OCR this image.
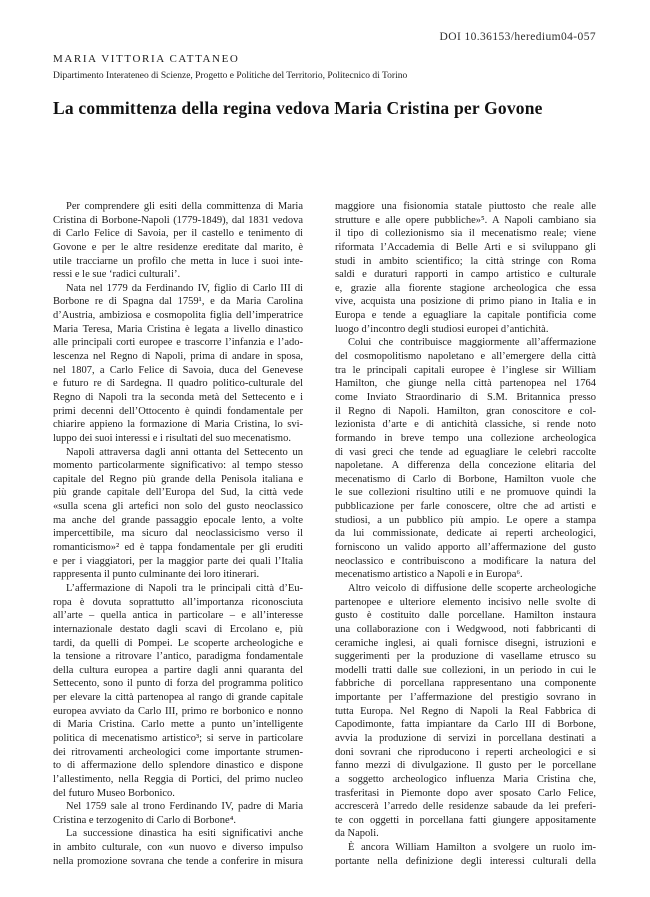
DOI 10.36153/heredium04-057
MARIA VITTORIA CATTANEO
Dipartimento Interateneo di Scienze, Progetto e Politiche del Territorio, Politecnico di Torino
La committenza della regina vedova Maria Cristina per Govone
Per comprendere gli esiti della committenza di Maria
Cristina di Borbone-Napoli (1779-1849), dal 1831 vedova
di Carlo Felice di Savoia, per il castello e tenimento di
Govone e per le altre residenze ereditate dal marito, è
utile tracciarne un profilo che metta in luce i suoi inte-
ressi e le sue ‘radici culturali’.
Nata nel 1779 da Ferdinando IV, figlio di Carlo III di
Borbone re di Spagna dal 1759¹, e da Maria Carolina
d’Austria, ambiziosa e cosmopolita figlia dell’imperatrice
Maria Teresa, Maria Cristina è legata a livello dinastico
alle principali corti europee e trascorre l’infanzia e l’ado-
lescenza nel Regno di Napoli, prima di andare in sposa,
nel 1807, a Carlo Felice di Savoia, duca del Genevese
e futuro re di Sardegna. Il quadro politico-culturale del
Regno di Napoli tra la seconda metà del Settecento e i
primi decenni dell’Ottocento è quindi fondamentale per
chiarire appieno la formazione di Maria Cristina, lo svi-
luppo dei suoi interessi e i risultati del suo mecenatismo.
Napoli attraversa dagli anni ottanta del Settecento un
momento particolarmente significativo: al tempo stesso
capitale del Regno più grande della Penisola italiana e
più grande capitale dell’Europa del Sud, la città vede
«sulla scena gli artefici non solo del gusto neoclassico
ma anche del grande passaggio epocale lento, a volte
impercettibile, ma sicuro dal neoclassicismo verso il
romanticismo»² ed è tappa fondamentale per gli eruditi
e per i viaggiatori, per la maggior parte dei quali l’Italia
rappresenta il punto culminante dei loro itinerari.
L’affermazione di Napoli tra le principali città d’Eu-
ropa è dovuta soprattutto all’importanza riconosciuta
all’arte – quella antica in particolare – e all’interesse
internazionale destato dagli scavi di Ercolano e, più
tardi, da quelli di Pompei. Le scoperte archeologiche e
la tensione a ritrovare l’antico, paradigma fondamentale
della cultura europea a partire dagli anni quaranta del
Settecento, sono il punto di forza del programma politico
per elevare la città partenopea al rango di grande capitale
europea avviato da Carlo III, primo re borbonico e nonno
di Maria Cristina. Carlo mette a punto un’intelligente
politica di mecenatismo artistico³; si serve in particolare
dei ritrovamenti archeologici come importante strumen-
to di affermazione dello splendore dinastico e dispone
l’allestimento, nella Reggia di Portici, del primo nucleo
del futuro Museo Borbonico.
Nel 1759 sale al trono Ferdinando IV, padre di Maria
Cristina e terzogenito di Carlo di Borbone⁴.
La successione dinastica ha esiti significativi anche
in ambito culturale, con «un nuovo e diverso impulso
nella promozione sovrana che tende a conferire in misura
maggiore una fisionomia statale piuttosto che reale alle
strutture e alle opere pubbliche»⁵. A Napoli cambiano sia
il tipo di collezionismo sia il mecenatismo reale; viene
riformata l’Accademia di Belle Arti e si sviluppano gli
studi in ambito scientifico; la città stringe con Roma
saldi e duraturi rapporti in campo artistico e culturale
e, grazie alla fiorente stagione archeologica che essa
vive, acquista una posizione di primo piano in Italia e in
Europa e tende a eguagliare la capitale pontificia come
luogo d’incontro degli studiosi europei d’antichità.
Colui che contribuisce maggiormente all’affermazione
del cosmopolitismo napoletano e all’emergere della città
tra le principali capitali europee è l’inglese sir William
Hamilton, che giunge nella città partenopea nel 1764
come Inviato Straordinario di S.M. Britannica presso
il Regno di Napoli. Hamilton, gran conoscitore e col-
lezionista d’arte e di antichità classiche, si rende noto
formando in breve tempo una collezione archeologica
di vasi greci che tende ad eguagliare le celebri raccolte
napoletane. A differenza della concezione elitaria del
mecenatismo di Carlo di Borbone, Hamilton vuole che
le sue collezioni risultino utili e ne promuove quindi la
pubblicazione per farle conoscere, oltre che ad artisti e
studiosi, a un pubblico più ampio. Le opere a stampa
da lui commissionate, dedicate ai reperti archeologici,
forniscono un valido apporto all’affermazione del gusto
neoclassico e contribuiscono a modificare la natura del
mecenatismo artistico a Napoli e in Europa⁶.
Altro veicolo di diffusione delle scoperte archeologiche
partenopee e ulteriore elemento incisivo nelle svolte di
gusto è costituito dalle porcellane. Hamilton instaura
una collaborazione con i Wedgwood, noti fabbricanti di
ceramiche inglesi, ai quali fornisce disegni, istruzioni e
suggerimenti per la produzione di vasellame etrusco su
modelli tratti dalle sue collezioni, in un periodo in cui le
fabbriche di porcellana rappresentano una componente
importante per l’affermazione del prestigio sovrano in
tutta Europa. Nel Regno di Napoli la Real Fabbrica di
Capodimonte, fatta impiantare da Carlo III di Borbone,
avvia la produzione di servizi in porcellana destinati a
doni sovrani che riproducono i reperti archeologici e si
fanno mezzi di divulgazione. Il gusto per le porcellane
a soggetto archeologico influenza Maria Cristina che,
trasferitasi in Piemonte dopo aver sposato Carlo Felice,
accrescerà l’arredo delle residenze sabaude da lei preferi-
te con oggetti in porcellana fatti giungere appositamente
da Napoli.
È ancora William Hamilton a svolgere un ruolo im-
portante nella definizione degli interessi culturali della
